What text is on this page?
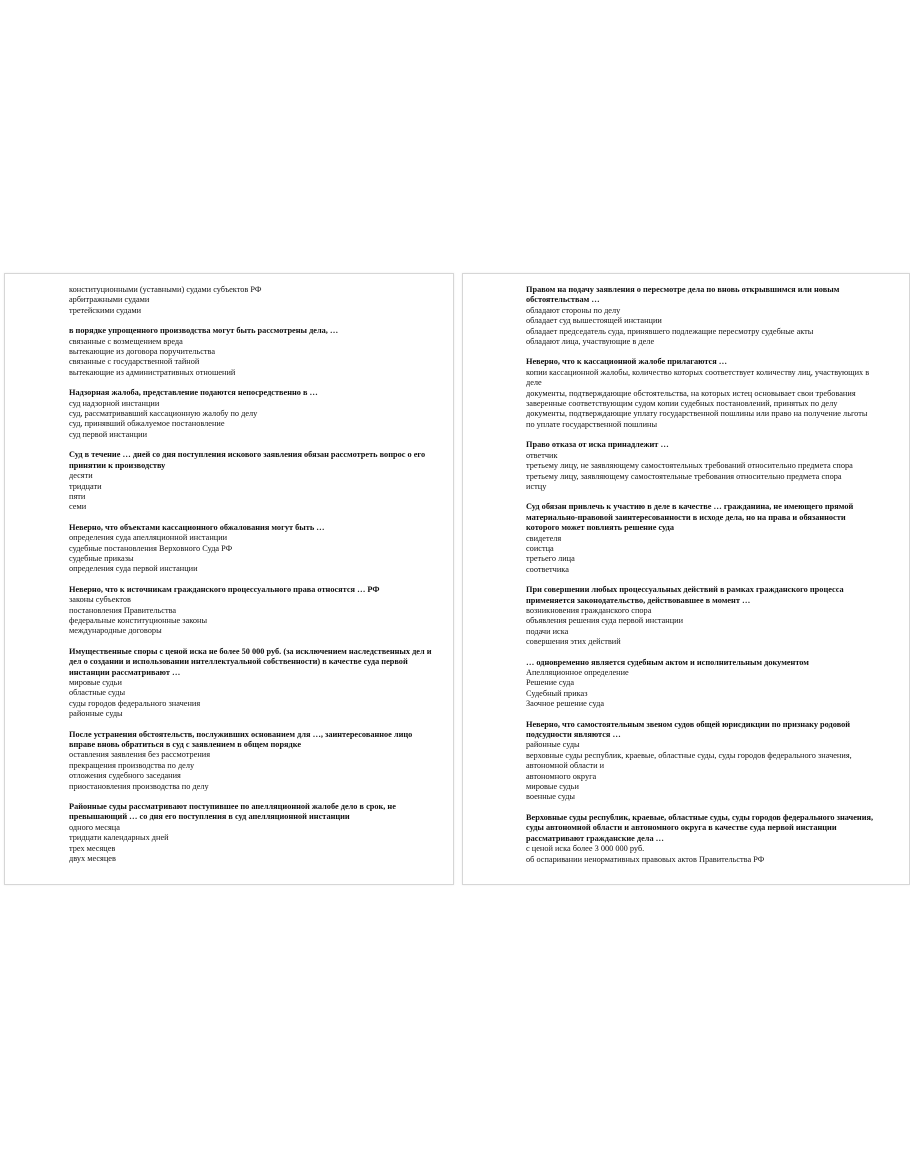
конституционными (уставными) судами субъектов РФ

арбитражными судами

третейскими судами

в порядке упрощенного производства могут быть рассмотрены дела, …

связанные с возмещением вреда

вытекающие из договора поручительства

связанные с государственной тайной

вытекающие из административных отношений

Надзорная жалоба, представление подаются непосредственно в …

суд надзорной инстанции

суд, рассматривавший кассационную жалобу по делу

суд, принявший обжалуемое постановление

суд первой инстанции

Суд в течение … дней со дня поступления искового заявления обязан рассмотреть вопрос о его принятии к производству

десяти

тридцати

пяти

семи

Неверно, что объектами кассационного обжалования могут быть …

определения суда апелляционной инстанции

судебные постановления Верховного Суда РФ

судебные приказы

определения суда первой инстанции

Неверно, что к источникам гражданского процессуального права относятся … РФ

законы субъектов

постановления Правительства

федеральные конституционные законы

международные договоры

Имущественные споры с ценой иска не более 50 000 руб. (за исключением наследственных дел и дел о создании и использовании интеллектуальной собственности) в качестве суда первой инстанции рассматривают …

мировые судьи

областные суды

суды городов федерального значения

районные суды

После устранения обстоятельств, послуживших основанием для …, заинтересованное лицо вправе вновь обратиться в суд с заявлением в общем порядке

оставления заявления без рассмотрения

прекращения производства по делу

отложения судебного заседания

приостановления производства по делу

Районные суды рассматривают поступившее по апелляционной жалобе дело в срок, не превышающий … со дня его поступления в суд апелляционной инстанции

одного месяца

тридцати календарных дней

трех месяцев

двух месяцев

Правом на подачу заявления о пересмотре дела по вновь открывшимся или новым обстоятельствам …

обладают стороны по делу

обладает суд вышестоящей инстанции

обладает председатель суда, принявшего подлежащие пересмотру судебные акты

обладают лица, участвующие в деле

Неверно, что к кассационной жалобе прилагаются …

копии кассационной жалобы, количество которых соответствует количеству лиц, участвующих в деле

документы, подтверждающие обстоятельства, на которых истец основывает свои требования

заверенные соответствующим судом копии судебных постановлений, принятых по делу

документы, подтверждающие уплату государственной пошлины или право на получение льготы по уплате государственной пошлины

Право отказа от иска принадлежит …

ответчик

третьему лицу, не заявляющему самостоятельных требований относительно предмета спора

третьему лицу, заявляющему самостоятельные требования относительно предмета спора

истцу

Суд обязан привлечь к участию в деле в качестве … гражданина, не имеющего прямой материально-правовой заинтересованности в исходе дела, но на права и обязанности которого может повлиять решение суда

свидетеля

соистца

третьего лица

соответчика

При совершении любых процессуальных действий в рамках гражданского процесса применяется законодательство, действовавшее в момент …

возникновения гражданского спора

объявления решения суда первой инстанции

подачи иска

совершения этих действий

… одновременно является судебным актом и исполнительным документом

Апелляционное определение

Решение суда

Судебный приказ

Заочное решение суда

Неверно, что самостоятельным звеном судов общей юрисдикции по признаку родовой подсудности являются …

районные суды

верховные суды республик, краевые, областные суды, суды городов федерального значения, автономной области и

автономного округа

мировые судьи

военные суды

Верховные суды республик, краевые, областные суды, суды городов федерального значения, суды автономной области и автономного округа в качестве суда первой инстанции рассматривают гражданские дела …

с ценой иска более 3 000 000 руб.

об оспаривании ненормативных правовых актов Правительства РФ
